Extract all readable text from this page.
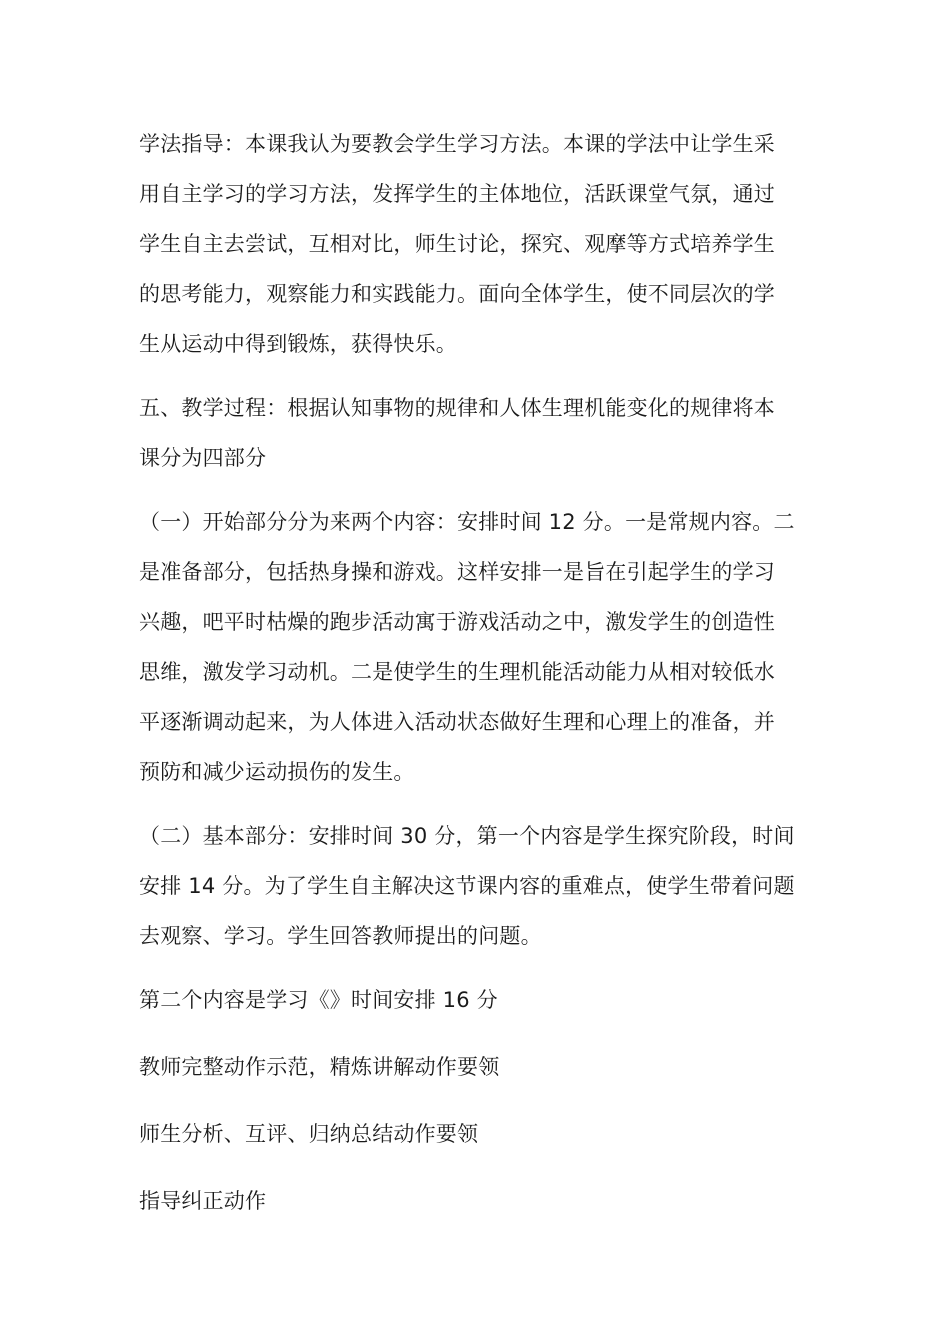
学法指导：本课我认为要教会学生学习方法。本课的学法中让学生采
用自主学习的学习方法，发挥学生的主体地位，活跃课堂气氛，通过
学生自主去尝试，互相对比，师生讨论，探究、观摩等方式培养学生
的思考能力，观察能力和实践能力。面向全体学生，使不同层次的学
生从运动中得到锻炼，获得快乐。

五、教学过程：根据认知事物的规律和人体生理机能变化的规律将本
课分为四部分

（一）开始部分分为来两个内容：安排时间 12 分。一是常规内容。二
是准备部分，包括热身操和游戏。这样安排一是旨在引起学生的学习
兴趣，吧平时枯燥的跑步活动寓于游戏活动之中，激发学生的创造性
思维，激发学习动机。二是使学生的生理机能活动能力从相对较低水
平逐渐调动起来，为人体进入活动状态做好生理和心理上的准备，并
预防和减少运动损伤的发生。

（二）基本部分：安排时间 30 分，第一个内容是学生探究阶段，时间
安排 14 分。为了学生自主解决这节课内容的重难点，使学生带着问题
去观察、学习。学生回答教师提出的问题。

第二个内容是学习《》时间安排 16 分

教师完整动作示范，精炼讲解动作要领

师生分析、互评、归纳总结动作要领

指导纠正动作
